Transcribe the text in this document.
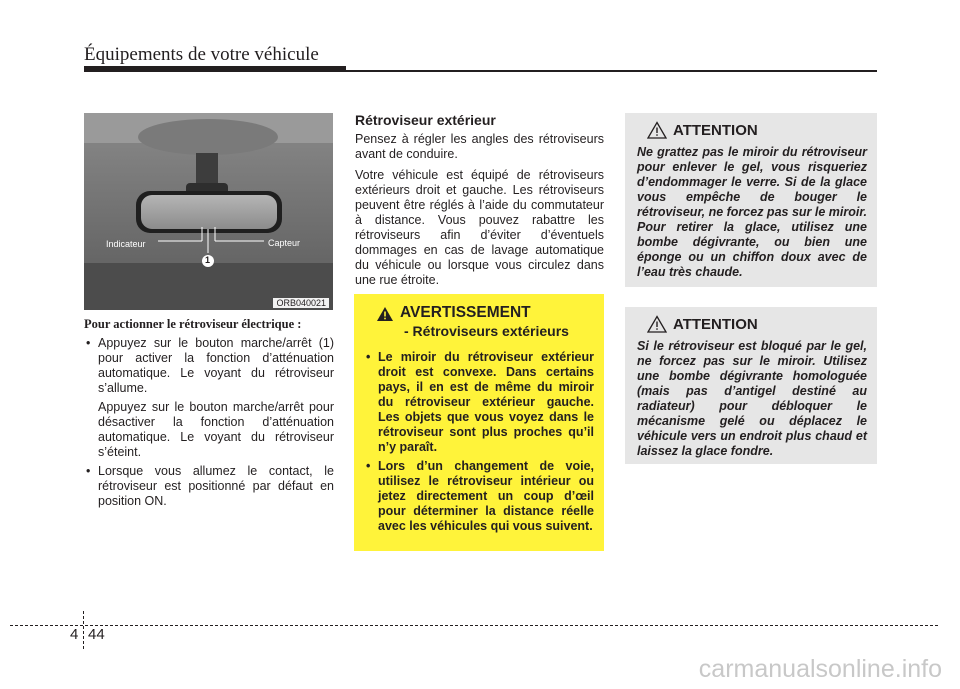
Équipements de votre véhicule
Indicateur	Capteur
1
ORB040021
Pour actionner le rétroviseur électrique :

• Appuyez sur le bouton marche/arrêt (1) pour activer la fonction d’atténuation automatique. Le voyant du rétroviseur s’allume.

Appuyez sur le bouton marche/arrêt pour désactiver la fonction d’atténuation automatique. Le voyant du rétroviseur s’éteint.

• Lorsque vous allumez le contact, le rétroviseur est positionné par défaut en position ON.

Rétroviseur extérieur

Pensez à régler les angles des rétroviseurs avant de conduire.

Votre véhicule est équipé de rétroviseurs extérieurs droit et gauche. Les rétroviseurs peuvent être réglés à l’aide du commutateur à distance. Vous pouvez rabattre les rétroviseurs afin d’éviter d’éventuels dommages en cas de lavage automatique du véhicule ou lorsque vous circulez dans une rue étroite.

AVERTISSEMENT
- Rétroviseurs extérieurs
• Le miroir du rétroviseur extérieur droit est convexe. Dans certains pays, il en est de même du miroir du rétroviseur extérieur gauche. Les objets que vous voyez dans le rétroviseur sont plus proches qu’il n’y paraît.
• Lors d’un changement de voie, utilisez le rétroviseur intérieur ou jetez directement un coup d’œil pour déterminer la distance réelle avec les véhicules qui vous suivent.
ATTENTION

Ne grattez pas le miroir du rétroviseur pour enlever le gel, vous risqueriez d’endommager le verre. Si de la glace vous empêche de bouger le rétroviseur, ne forcez pas sur le miroir. Pour retirer la glace, utilisez une bombe dégivrante, ou bien une éponge ou un chiffon doux avec de l’eau très chaude.

ATTENTION

Si le rétroviseur est bloqué par le gel, ne forcez pas sur le miroir. Utilisez une bombe dégivrante homologuée (mais pas d’antigel destiné au radiateur) pour débloquer le mécanisme gelé ou déplacez le véhicule vers un endroit plus chaud et laissez la glace fondre.

4 44
carmanualsonline.info
